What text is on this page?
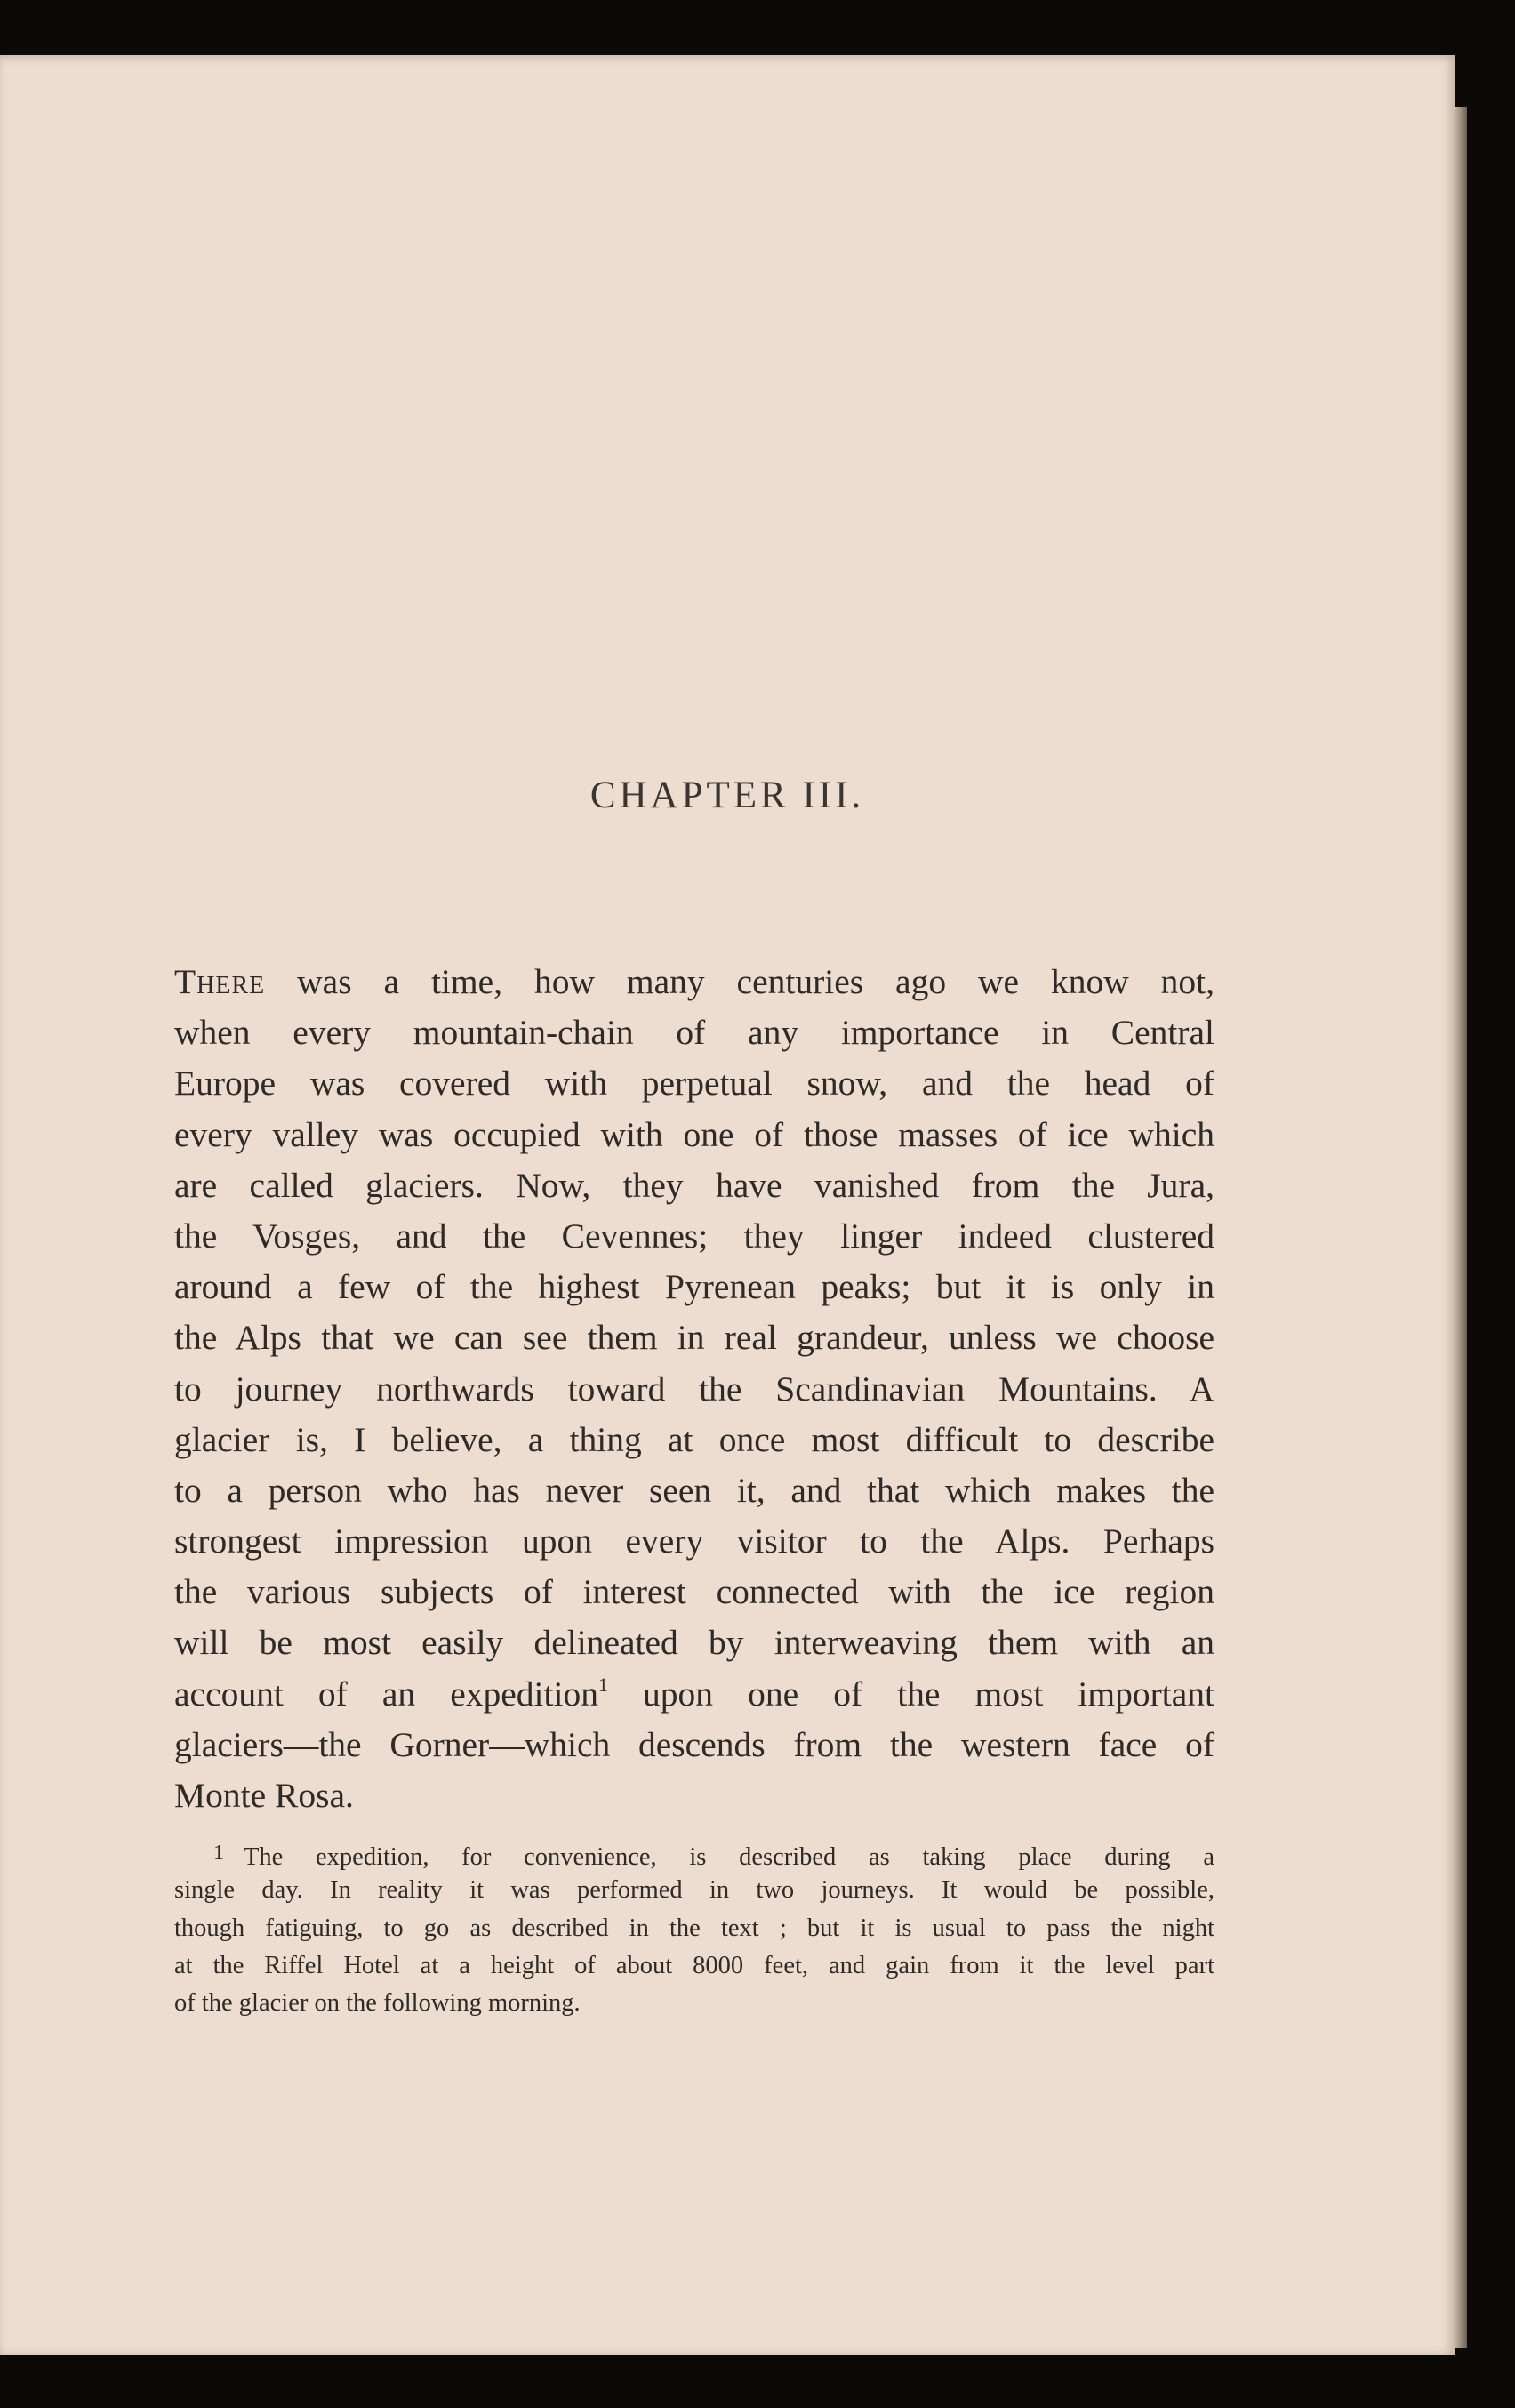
CHAPTER III.
There was a time, how many centuries ago we know not,
when every mountain-chain of any importance in Central
Europe was covered with perpetual snow, and the head of
every valley was occupied with one of those masses of ice which
are called glaciers. Now, they have vanished from the Jura,
the Vosges, and the Cevennes; they linger indeed clustered
around a few of the highest Pyrenean peaks; but it is only in
the Alps that we can see them in real grandeur, unless we choose
to journey northwards toward the Scandinavian Mountains. A
glacier is, I believe, a thing at once most difficult to describe
to a person who has never seen it, and that which makes the
strongest impression upon every visitor to the Alps. Perhaps
the various subjects of interest connected with the ice region
will be most easily delineated by interweaving them with an
account of an expedition$^1$ upon one of the most important
glaciers—the Gorner—which descends from the western face of
Monte Rosa.
1 The expedition, for convenience, is described as taking place during a
single day. In reality it was performed in two journeys. It would be possible,
though fatiguing, to go as described in the text ; but it is usual to pass the night
at the Riffel Hotel at a height of about 8000 feet, and gain from it the level part
of the glacier on the following morning.
